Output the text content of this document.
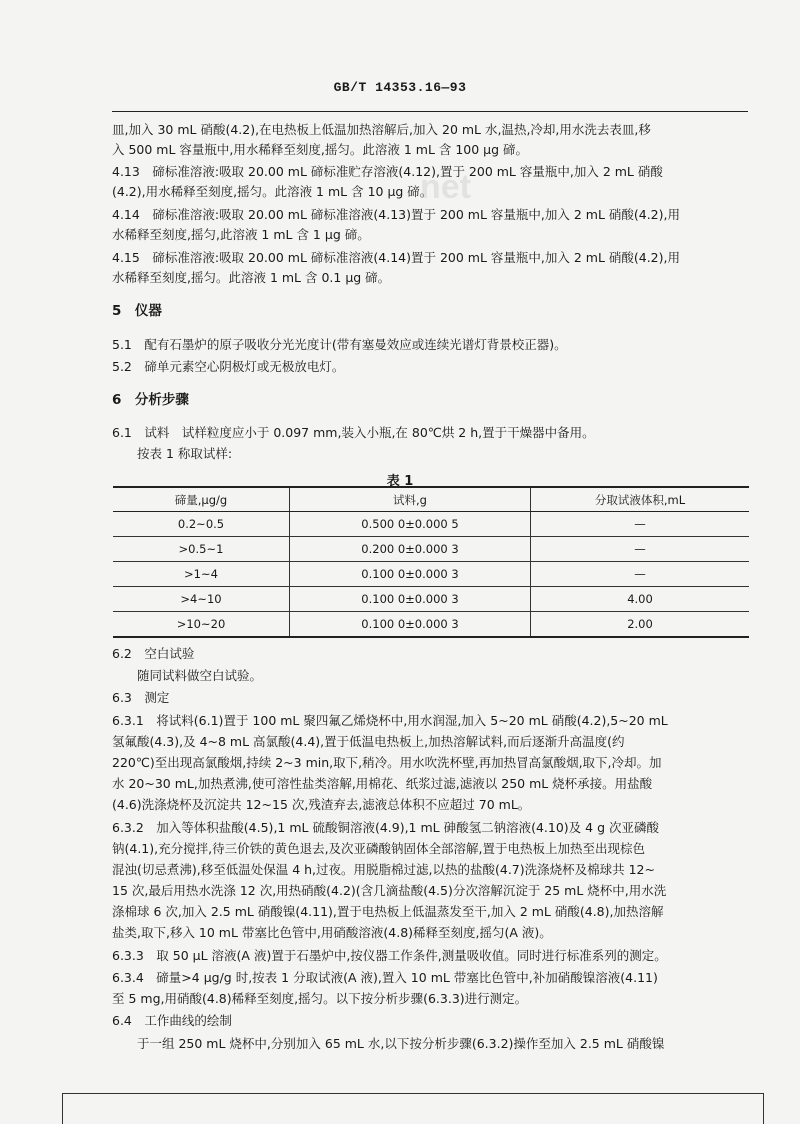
net
GB/T 14353.16—93
皿,加入 30 mL 硝酸(4.2),在电热板上低温加热溶解后,加入 20 mL 水,温热,冷却,用水洗去表皿,移
入 500 mL 容量瓶中,用水稀释至刻度,摇匀。此溶液 1 mL 含 100 μg 碲。
4.13　碲标准溶液:吸取 20.00 mL 碲标准贮存溶液(4.12),置于 200 mL 容量瓶中,加入 2 mL 硝酸
(4.2),用水稀释至刻度,摇匀。此溶液 1 mL 含 10 μg 碲。
4.14　碲标准溶液:吸取 20.00 mL 碲标准溶液(4.13)置于 200 mL 容量瓶中,加入 2 mL 硝酸(4.2),用
水稀释至刻度,摇匀,此溶液 1 mL 含 1 μg 碲。
4.15　碲标准溶液:吸取 20.00 mL 碲标准溶液(4.14)置于 200 mL 容量瓶中,加入 2 mL 硝酸(4.2),用
水稀释至刻度,摇匀。此溶液 1 mL 含 0.1 μg 碲。
5　仪器
5.1　配有石墨炉的原子吸收分光光度计(带有塞曼效应或连续光谱灯背景校正器)。
5.2　碲单元素空心阴极灯或无极放电灯。
6　分析步骤
6.1　试料　试样粒度应小于 0.097 mm,装入小瓶,在 80℃烘 2 h,置于干燥器中备用。
按表 1 称取试样:
表 1
碲量,μg/g	试料,g	分取试液体积,mL
0.2~0.5	0.500 0±0.000 5	—
>0.5~1	0.200 0±0.000 3	—
>1~4	0.100 0±0.000 3	—
>4~10	0.100 0±0.000 3	4.00
>10~20	0.100 0±0.000 3	2.00
6.2　空白试验
随同试料做空白试验。
6.3　测定
6.3.1　将试料(6.1)置于 100 mL 聚四氟乙烯烧杯中,用水润湿,加入 5~20 mL 硝酸(4.2),5~20 mL
氢氟酸(4.3),及 4~8 mL 高氯酸(4.4),置于低温电热板上,加热溶解试料,而后逐渐升高温度(约
220℃)至出现高氯酸烟,持续 2~3 min,取下,稍冷。用水吹洗杯壁,再加热冒高氯酸烟,取下,冷却。加
水 20~30 mL,加热煮沸,使可溶性盐类溶解,用棉花、纸浆过滤,滤液以 250 mL 烧杯承接。用盐酸
(4.6)洗涤烧杯及沉淀共 12~15 次,残渣弃去,滤液总体积不应超过 70 mL。
6.3.2　加入等体积盐酸(4.5),1 mL 硫酸铜溶液(4.9),1 mL 砷酸氢二钠溶液(4.10)及 4 g 次亚磷酸
钠(4.1),充分搅拌,待三价铁的黄色退去,及次亚磷酸钠固体全部溶解,置于电热板上加热至出现棕色
混浊(切忌煮沸),移至低温处保温 4 h,过夜。用脱脂棉过滤,以热的盐酸(4.7)洗涤烧杯及棉球共 12~
15 次,最后用热水洗涤 12 次,用热硝酸(4.2)(含几滴盐酸(4.5)分次溶解沉淀于 25 mL 烧杯中,用水洗
涤棉球 6 次,加入 2.5 mL 硝酸镍(4.11),置于电热板上低温蒸发至干,加入 2 mL 硝酸(4.8),加热溶解
盐类,取下,移入 10 mL 带塞比色管中,用硝酸溶液(4.8)稀释至刻度,摇匀(A 液)。
6.3.3　取 50 μL 溶液(A 液)置于石墨炉中,按仪器工作条件,测量吸收值。同时进行标准系列的测定。
6.3.4　碲量>4 μg/g 时,按表 1 分取试液(A 液),置入 10 mL 带塞比色管中,补加硝酸镍溶液(4.11)
至 5 mg,用硝酸(4.8)稀释至刻度,摇匀。以下按分析步骤(6.3.3)进行测定。
6.4　工作曲线的绘制
于一组 250 mL 烧杯中,分别加入 65 mL 水,以下按分析步骤(6.3.2)操作至加入 2.5 mL 硝酸镍
